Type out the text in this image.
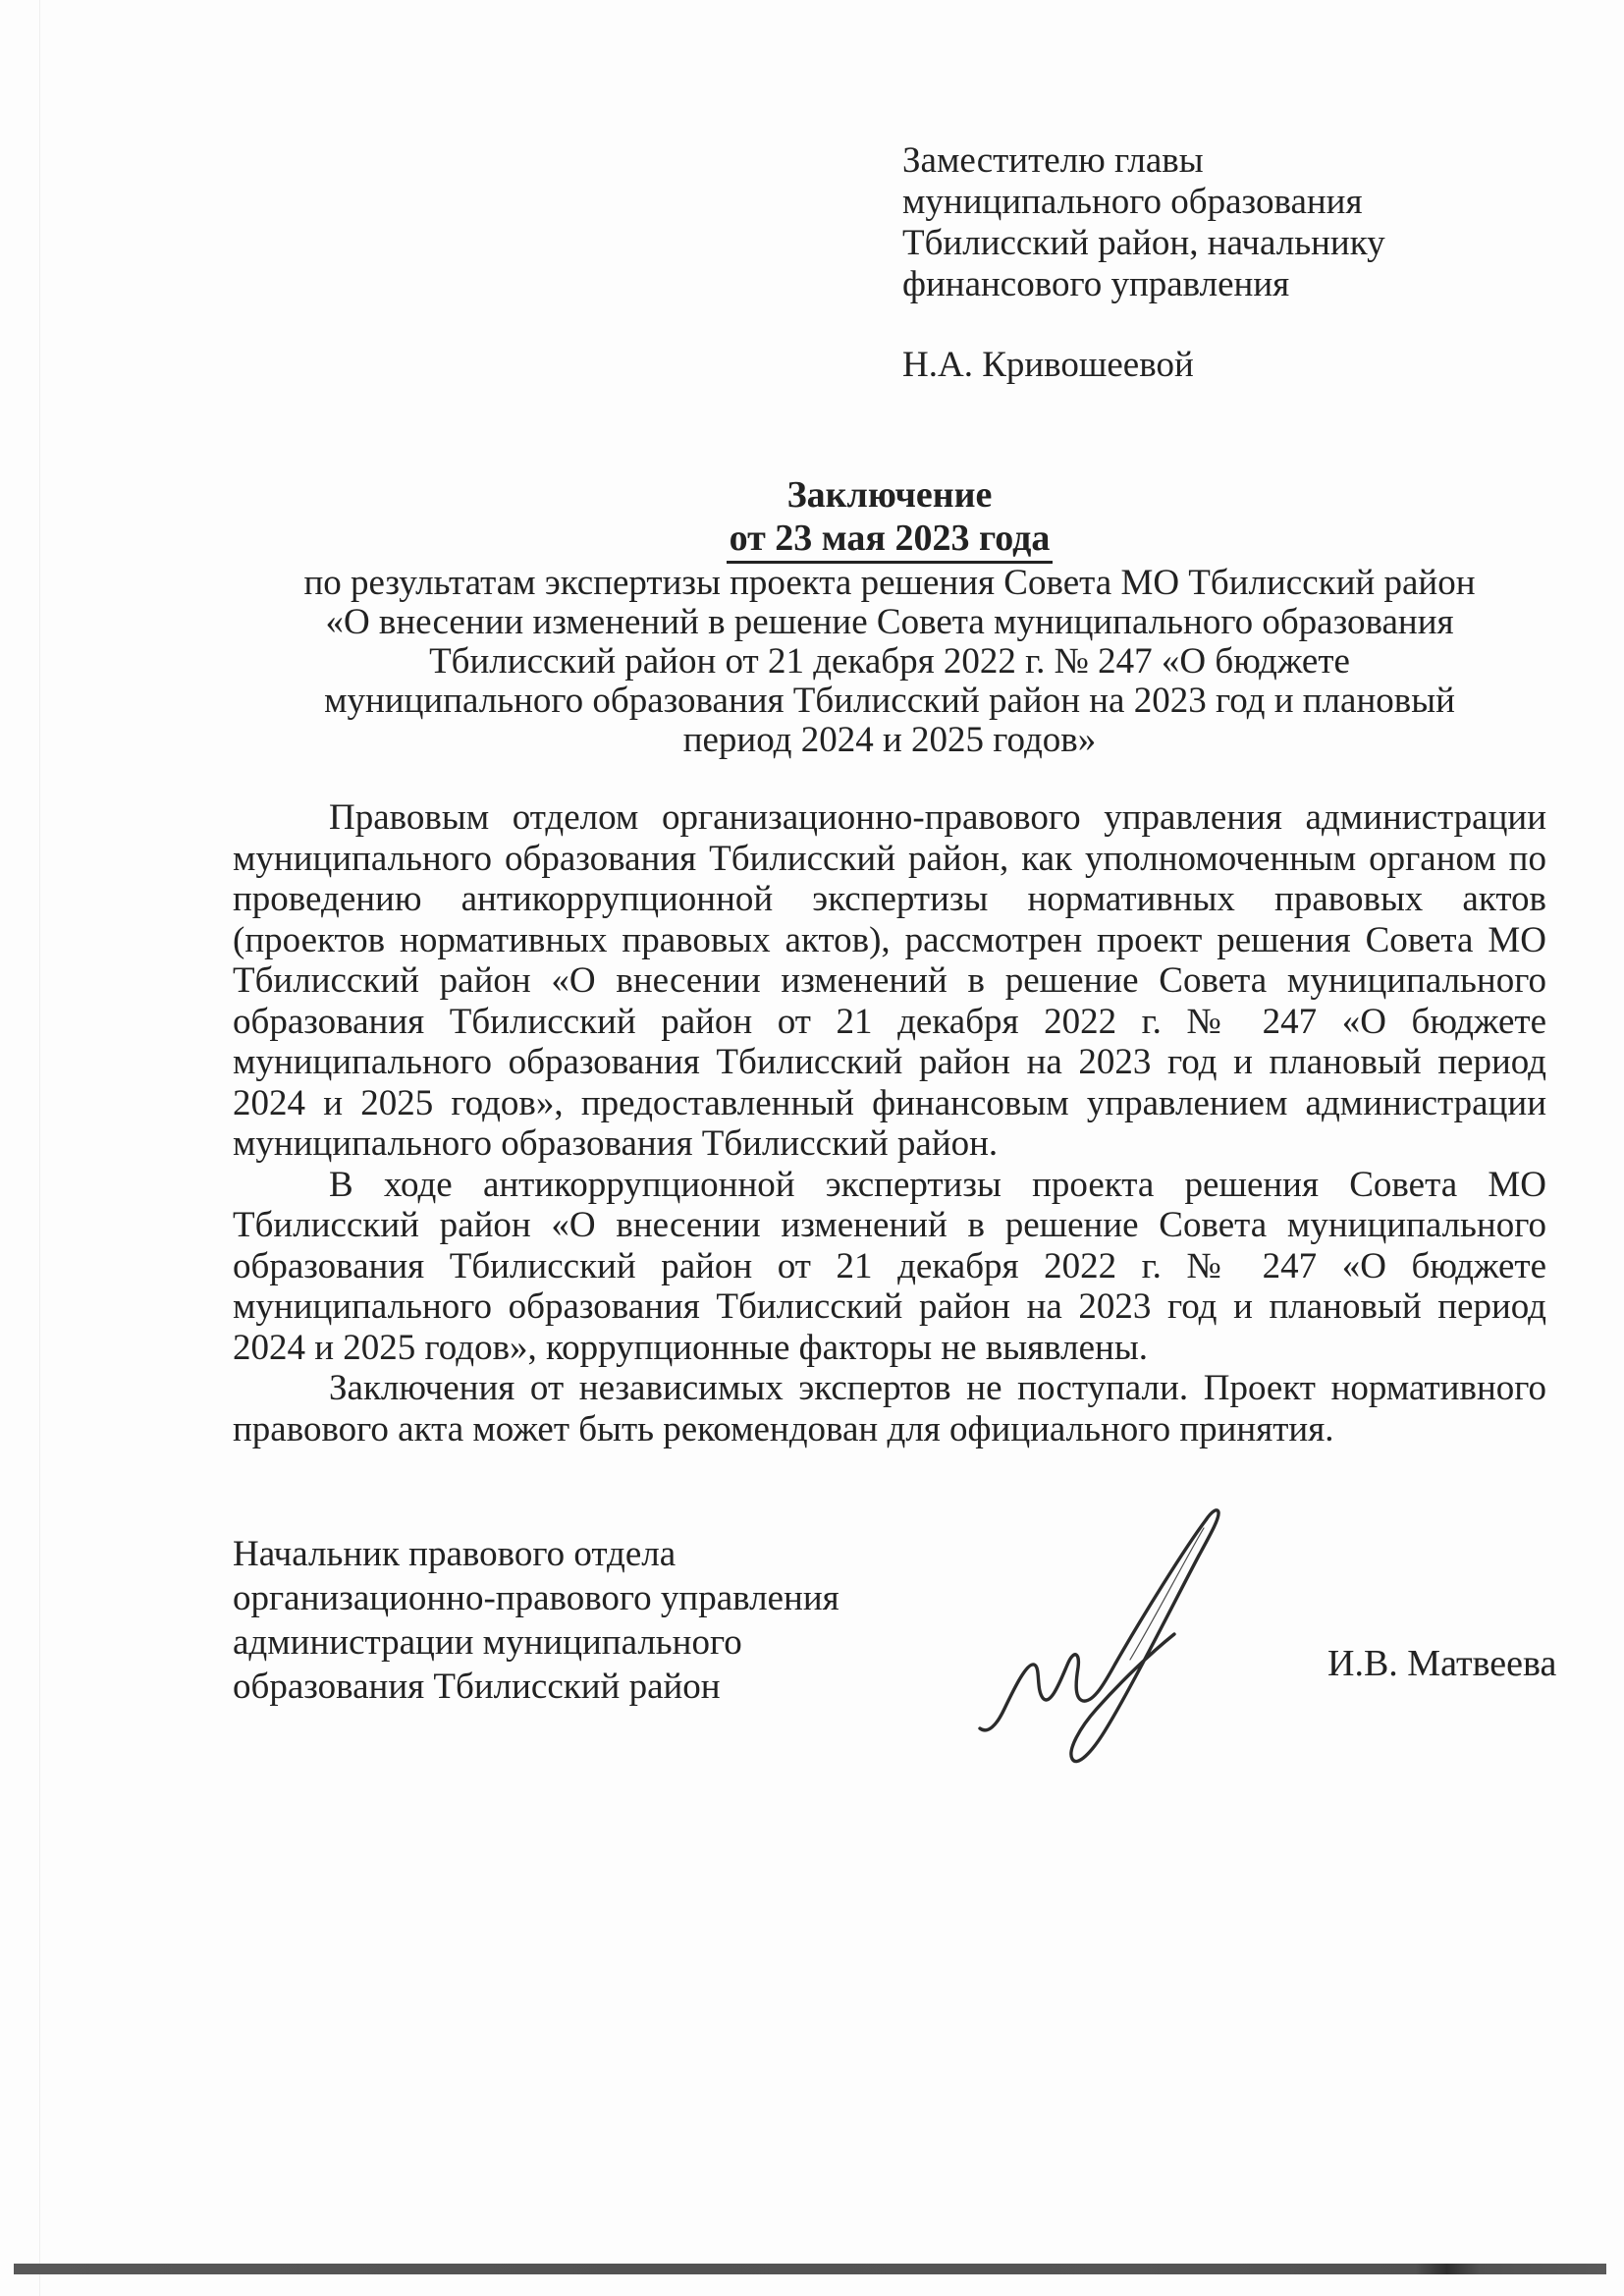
Заместителю главы
муниципального образования
Тбилисский район, начальнику
финансового управления
Н.А. Кривошеевой
Заключение
от 23 мая 2023 года
по результатам экспертизы проекта решения Совета МО Тбилисский район
«О внесении изменений в решение Совета муниципального образования
Тбилисский район от 21 декабря 2022 г. № 247 «О бюджете
муниципального образования Тбилисский район на 2023 год и плановый
период 2024 и 2025 годов»

Правовым отделом организационно-правового управления администрации муниципального образования Тбилисский район, как уполномоченным органом по проведению антикоррупционной экспертизы нормативных правовых актов (проектов нормативных правовых актов), рассмотрен проект решения Совета МО Тбилисский район «О внесении изменений в решение Совета муниципального образования Тбилисский район от 21 декабря 2022 г. № 247 «О бюджете муниципального образования Тбилисский район на 2023 год и плановый период 2024 и 2025 годов», предоставленный финансовым управлением администрации муниципального образования Тбилисский район.

В ходе антикоррупционной экспертизы проекта решения Совета МО Тбилисский район «О внесении изменений в решение Совета муниципального образования Тбилисский район от 21 декабря 2022 г. № 247 «О бюджете муниципального образования Тбилисский район на 2023 год и плановый период 2024 и 2025 годов», коррупционные факторы не выявлены.

Заключения от независимых экспертов не поступали. Проект нормативного правового акта может быть рекомендован для официального принятия.

Начальник правового отдела
организационно-правового управления
администрации муниципального
образования Тбилисский район
И.В. Матвеева
